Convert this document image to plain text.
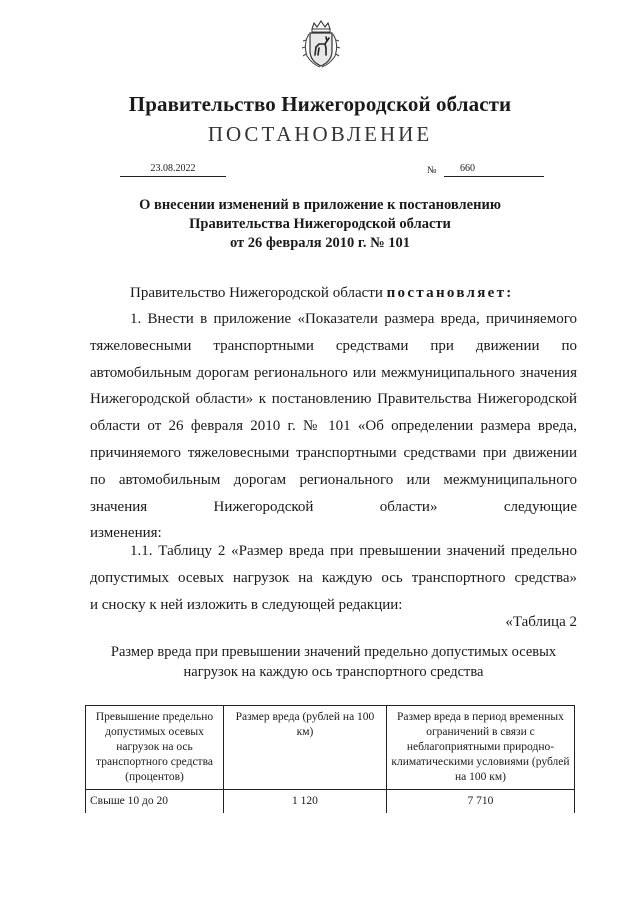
Правительство Нижегородской области
ПОСТАНОВЛЕНИЕ
23.08.2022	№	660
О внесении изменений в приложение к постановлению
Правительства Нижегородской области
от 26 февраля 2010 г. № 101
Правительство Нижегородской области постановляет:
1. Внести в приложение «Показатели размера вреда, причиняемого
тяжеловесными транспортными средствами при движении по автомобильным дорогам регионального или межмуниципального значения Нижегородской области» к постановлению Правительства Нижегородской области от 26 февраля 2010 г. № 101 «Об определении размера вреда, причиняемого тяжеловесными транспортными средствами при движении по автомобильным дорогам регионального или межмуниципального значения Нижегородской области» следующие
изменения:
1.1. Таблицу 2 «Размер вреда при превышении значений предельно
допустимых осевых нагрузок на каждую ось транспортного средства»
и сноску к ней изложить в следующей редакции:
«Таблица 2
Размер вреда при превышении значений предельно допустимых осевых нагрузок на каждую ось транспортного средства
Превышение предельно допустимых осевых нагрузок на ось транспортного средства (процентов)	Размер вреда (рублей на 100 км)	Размер вреда в период временных ограничений в связи с неблагоприятными природно-климатическими условиями (рублей на 100 км)
Свыше 10 до 20	1 120	7 710
